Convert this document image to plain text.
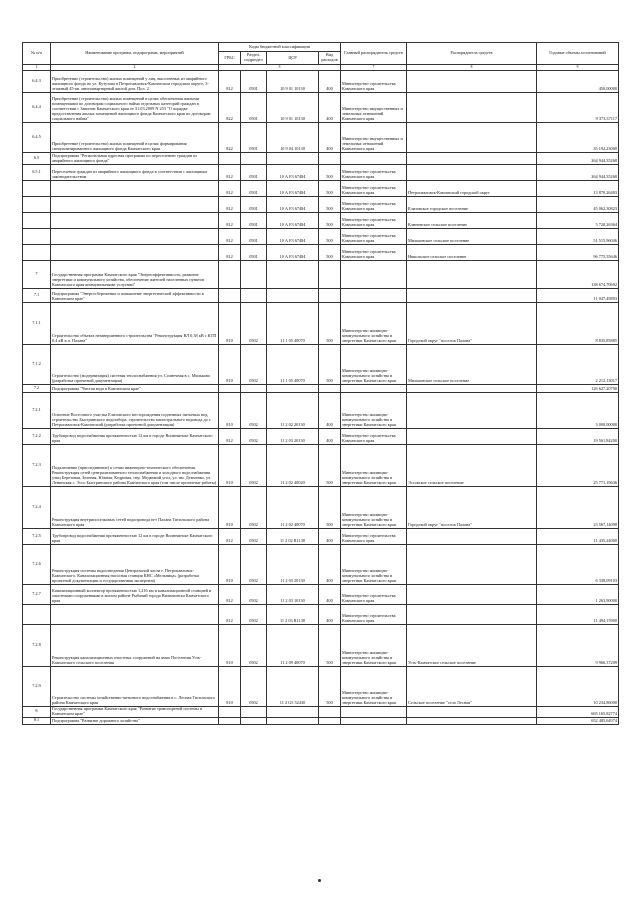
№ п/п	Наименование программ, подпрограмм, мероприятий	Коды бюджетной классификации				Главный распорядитель средств	Распорядитель средств	Годовые объемы ассигнований
		ГРБС	Раздел, подраздел	ЦСР	Вид расходов			
1	2	3				7	8	9
6.4.3	Приобретение (строительство) жилых помещений у лиц, выселенных из аварийного жилищного фонда по ул. Кутузова в Петропавловск-Камчатском городском округе, 3-этажный 45-кв. многоквартирный жилой дом. Пол. 2	812	0501	10 9 01 10130	400	Министерство строительства Камчатского края		450,00000
6.4.4	Приобретение (строительство) жилых помещений в целях обеспечения жилыми помещениями по договорам социального найма отдельных категорий граждан в соответствии с Законом Камчатского края от 31.03.2009 N 253 "О порядке предоставления жилых помещений жилищного фонда Камчатского края по договорам социального найма"	822	0501	10 9 01 10130	400	Министерство имущественных и земельных отношений Камчатского края		9 373,37117
6.4.5	Приобретение (строительство) жилых помещений в целях формирования специализированного жилищного фонда Камчатского края	822	0501	10 9 04 10130	400	Министерство имущественных и земельных отношений Камчатского края		35 192,23000
6.5	Подпрограмма "Региональная адресная программа по переселению граждан из аварийного жилищного фонда"							264 944,35268
6.5.1	Переселение граждан из аварийного жилищного фонда в соответствии с жилищным законодательством	812	0501	10 А F3 67484	500	Министерство строительства Камчатского края		264 944,35268
		812	0501	10 А F3 67484	500	Министерство строительства Камчатского края	Петропавловск-Камчатский городской округ	13 870,26483
		812	0501	10 А F3 67484	500	Министерство строительства Камчатского края	Елизовское городское поселение	45 062,30823
		812	0501	10 А F3 67484	500	Министерство строительства Камчатского края	Ключевское сельское поселение	5 720,26364
		812	0501	10 А F3 67484	500	Министерство строительства Камчатского края	Мильковское сельское поселение	51 515,96046
		812	0501	10 А F3 67484	500	Министерство строительства Камчатского края	Никольское сельское поселение	96 775,55646
7	Государственная программа Камчатского края "Энергоэффективность, развитие энергетики и коммунального хозяйства, обеспечение жителей населенных пунктов Камчатского края коммунальными услугами"							138 674,70692
7.1	Подпрограмма "Энергосбережение и повышение энергетической эффективности в Камчатском крае"							11 047,49893
7.1.1	Строительство объекта незавершенного строительства "Реконструкция ВЛ 0,38 кВ с КТП 0,4 кВ в п. Палана"	810	0502	11 1 05 40070	500	Министерство жилищно-коммунального хозяйства и энергетики Камчатского края	Городской округ "поселок Палана"	8 835,85885
7.1.2	Строительство (модернизация) системы теплоснабжения ул. Солнечная в с. Мильково (разработка проектной документации)	810	0502	11 1 05 40070	500	Министерство жилищно-коммунального хозяйства и энергетики Камчатского края	Мильковское сельское поселение	2 212,13017
7.2	Подпрограмма "Чистая вода в Камчатском крае"							126 627,20790
7.2.1	Освоение Восточного участка Елизовского месторождения подземных питьевых вод, строительство Быстринского водозабора, строительство магистрального водовода до г. Петропавловск-Камчатский (разработка проектной документации)	810	0502	11 2 02 20130	400	Министерство жилищно-коммунального хозяйства и энергетики Камчатского края		3 000,00000
7.2.2	Трубопровод водоснабжения протяженностью 12 км в городе Вилючинске Камчатского края	812	0502	11 2 03 20130	400	Министерство строительства Камчатского края		19 561,84200
7.2.3	Подключение (присоединение) к сетям инженерно-технического обеспечения. Реконструкция сетей централизованного теплоснабжения и холодного водоснабжения улиц Березовая, Зеленая, Южная, Кедровая, пер. Медвежий угол, ул. им. Демченко, ул. Ленинская с. Эссо Быстринского района Камчатского края (том числе проектные работы)	810	0502	11 2 02 40020	500	Министерство жилищно-коммунального хозяйства и энергетики Камчатского края	Эссовское сельское поселение	25 771,19636
7.2.4	Реконструкция внутрипоселковых сетей водопровода пгт Палана Тигильского района Камчатского края	810	0502	11 2 02 40070	500	Министерство жилищно-коммунального хозяйства и энергетики Камчатского края	Городской округ "поселок Палана"	23 567,14098
7.2.5	Трубопровод водоснабжения протяженностью 12 км в городе Вилючинске Камчатского края	812	0502	11 2 02 R1130	400	Министерство строительства Камчатского края		11 435,24000
7.2.6	Реконструкция системы водоотведения Центральной части г. Петропавловск-Камчатского. Канализационная насосная станция КНС «Мельница» (разработка проектной документации и государственная экспертиза)	810	0502	11 2 03 20130	400	Министерство жилищно-коммунального хозяйства и энергетики Камчатского края		6 338,09103
7.2.7	Канализационный коллектор протяженностью 1,216 км и канализационной станцией и очистными сооружениями в жилом районе Рыбачий города Вилючинска Камчатского края	812	0502	11 2 03 10130	400	Министерство строительства Камчатского края		1 263,90000
		812	0502	11 2 03 R1130	400	Министерство строительства Камчатского края		11 494,15900
7.2.8	Реконструкция канализационных очистных сооружений на ямах Поселения Усть-Камчатского сельского поселения	810	0502	11 2 09 40070	500	Министерство жилищно-коммунального хозяйства и энергетики Камчатского края	Усть-Камчатское сельское поселение	9 966,37209
7.2.9	Строительство системы хозяйственно-питьевого водоснабжения в с. Лесная Тигильского района Камчатского края	810	0502	11 2 G5 52430	500	Министерство жилищно-коммунального хозяйства и энергетики Камчатского края	Сельское поселение "село Лесная"	10 234,86000
8	Государственная программа Камчатского края "Развитие транспортной системы в Камчатском крае"							665 165,82774
8.1	Подпрограмма "Развитие дорожного хозяйства"							652 485,64974
